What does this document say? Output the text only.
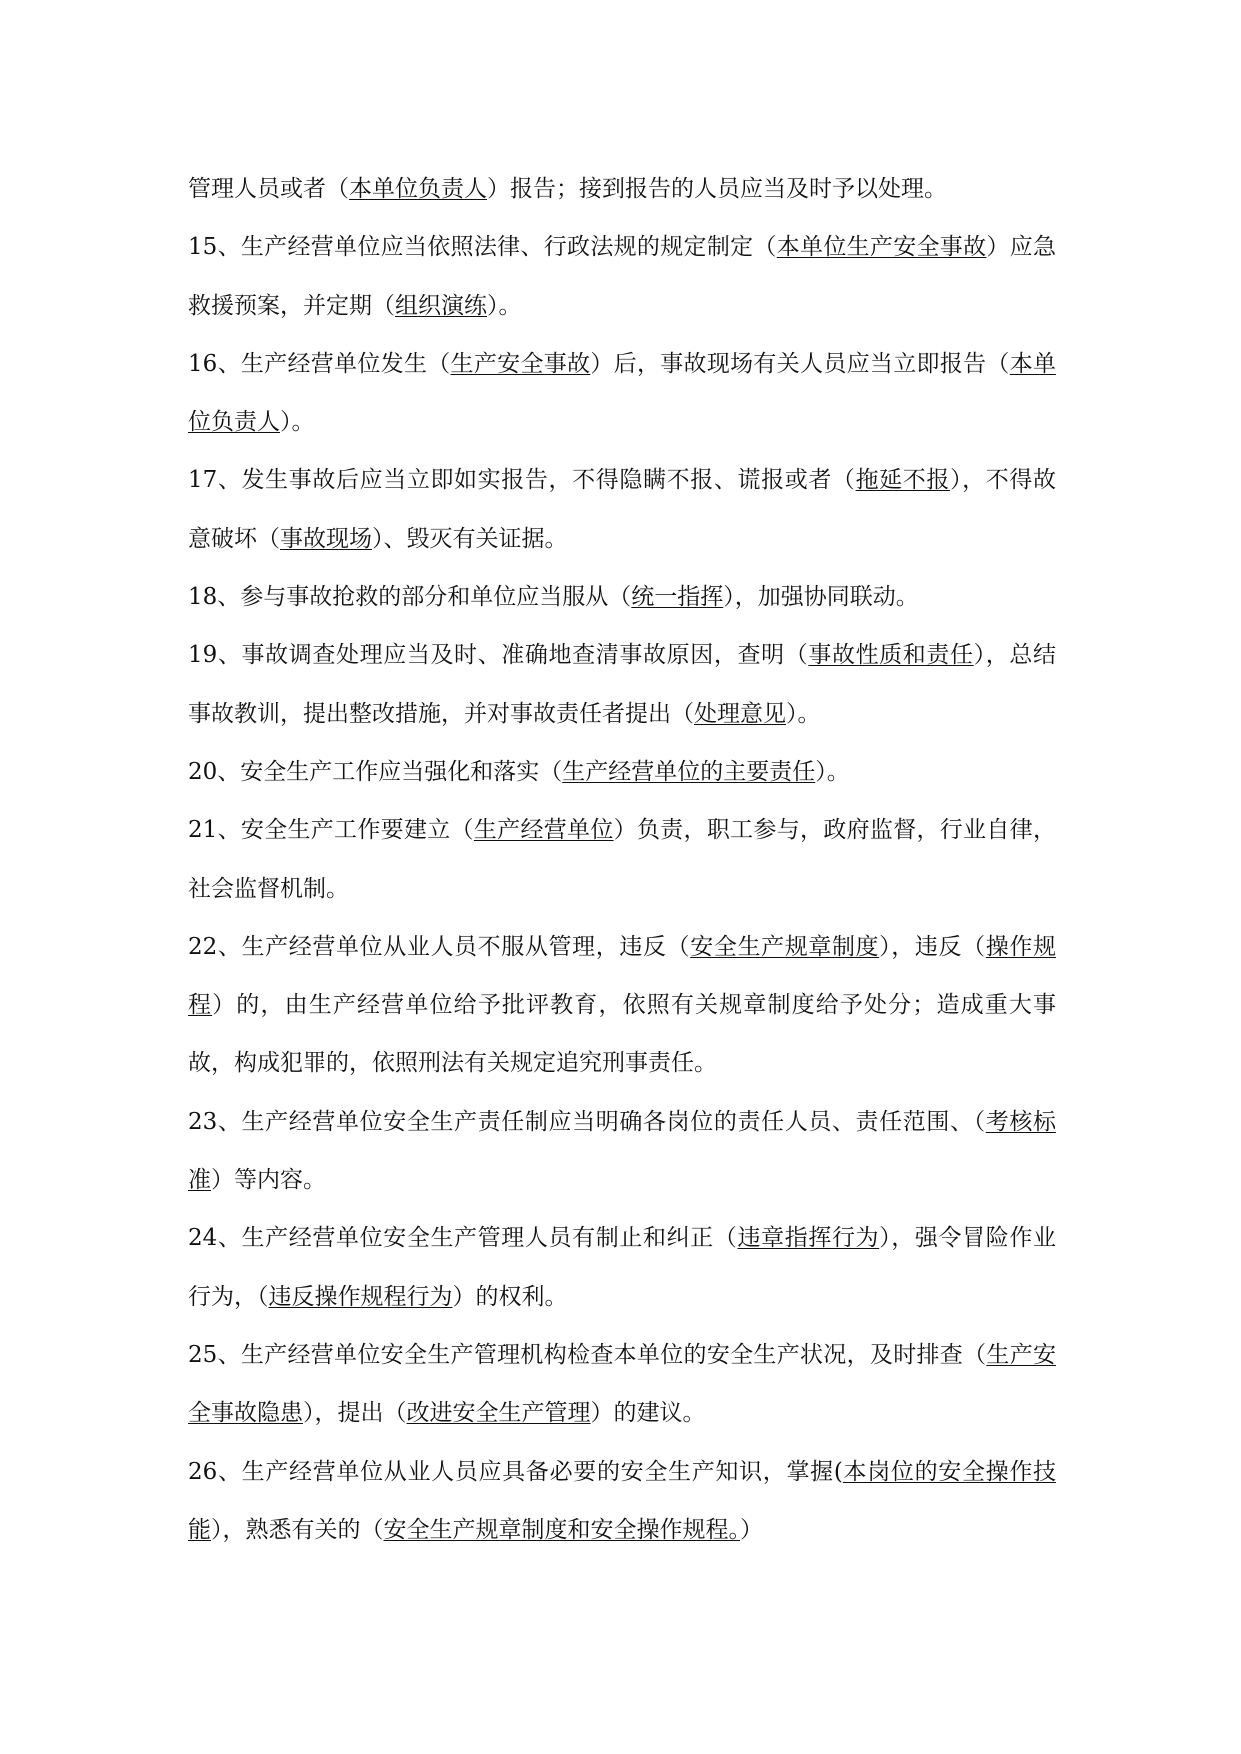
管理人员或者（本单位负责人）报告；接到报告的人员应当及时予以处理。

15、生产经营单位应当依照法律、行政法规的规定制定（本单位生产安全事故）应急救援预案，并定期（组织演练）。

16、生产经营单位发生（生产安全事故）后，事故现场有关人员应当立即报告（本单位负责人）。

17、发生事故后应当立即如实报告，不得隐瞒不报、谎报或者（拖延不报），不得故意破坏（事故现场）、毁灭有关证据。

18、参与事故抢救的部分和单位应当服从（统一指挥），加强协同联动。

19、事故调查处理应当及时、准确地查清事故原因，查明（事故性质和责任），总结事故教训，提出整改措施，并对事故责任者提出（处理意见）。

20、安全生产工作应当强化和落实（生产经营单位的主要责任）。

21、安全生产工作要建立（生产经营单位）负责，职工参与，政府监督，行业自律，社会监督机制。

22、生产经营单位从业人员不服从管理，违反（安全生产规章制度），违反（操作规程）的，由生产经营单位给予批评教育，依照有关规章制度给予处分；造成重大事故，构成犯罪的，依照刑法有关规定追究刑事责任。

23、生产经营单位安全生产责任制应当明确各岗位的责任人员、责任范围、（考核标准）等内容。

24、生产经营单位安全生产管理人员有制止和纠正（违章指挥行为），强令冒险作业行为，（违反操作规程行为）的权利。

25、生产经营单位安全生产管理机构检查本单位的安全生产状况，及时排查（生产安全事故隐患），提出（改进安全生产管理）的建议。

26、生产经营单位从业人员应具备必要的安全生产知识，掌握(本岗位的安全操作技能），熟悉有关的（安全生产规章制度和安全操作规程。）
